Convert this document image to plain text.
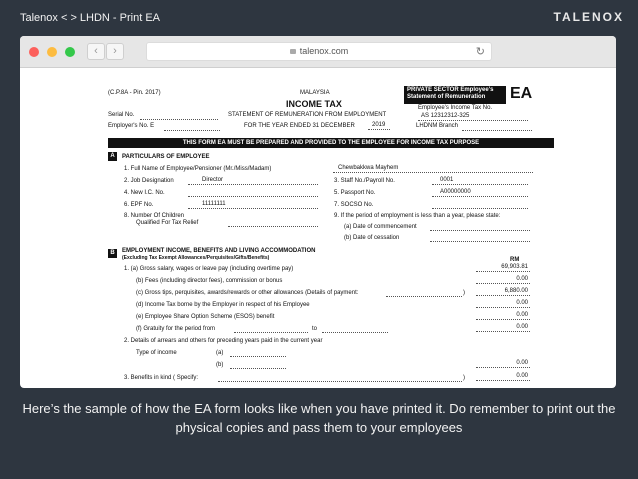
Talenox < > LHDN - Print EA	TALENOX
‹	›	talenox.com	↻
(C.P.8A - Pin. 2017)	MALAYSIA
INCOME TAX
Serial No.	STATEMENT OF REMUNERATION FROM EMPLOYMENT
Employer's No. E	FOR THE YEAR ENDED 31 DECEMBER	2019
PRIVATE SECTOR Employee's
Statement of Remuneration	EA
Employee's Income Tax No.
AS 12312312-325
LHDNM Branch
THIS FORM EA MUST BE PREPARED AND PROVIDED TO THE EMPLOYEE FOR INCOME TAX PURPOSE
A	PARTICULARS OF EMPLOYEE
1. Full Name of Employee/Pensioner (Mr./Miss/Madam)	Chewbakkwa Mayhem
2. Job Designation	Director	3. Staff No./Payroll No.	0001
4. New I.C. No.	5. Passport No.	A00000000
6. EPF No.	11111111	7. SOCSO No.
8. Number Of Children
Qualified For Tax Relief
9. If the period of employment is less than a year, please state:
(a) Date of commencement
(b) Date of cessation
B	EMPLOYMENT INCOME, BENEFITS AND LIVING ACCOMMODATION
(Excluding Tax Exempt Allowances/Perquisites/Gifts/Benefits)	RM
1. (a) Gross salary, wages or leave pay (including overtime pay)	69,903.81
(b) Fees (including director fees), commission or bonus	0.00
(c) Gross tips, perquisites, awards/rewards or other allowances (Details of payment:	)	6,880.00
(d) Income Tax borne by the Employer in respect of his Employee	0.00
(e) Employee Share Option Scheme (ESOS) benefit	0.00
(f) Gratuity for the period from	to	0.00
2. Details of arrears and others for preceding years paid in the current year
Type of income	(a)
(b)	0.00
3. Benefits in kind ( Specify:	)	0.00
Here’s the sample of how the EA form looks like when you have printed it. Do remember to print out the physical copies and pass them to your employees
